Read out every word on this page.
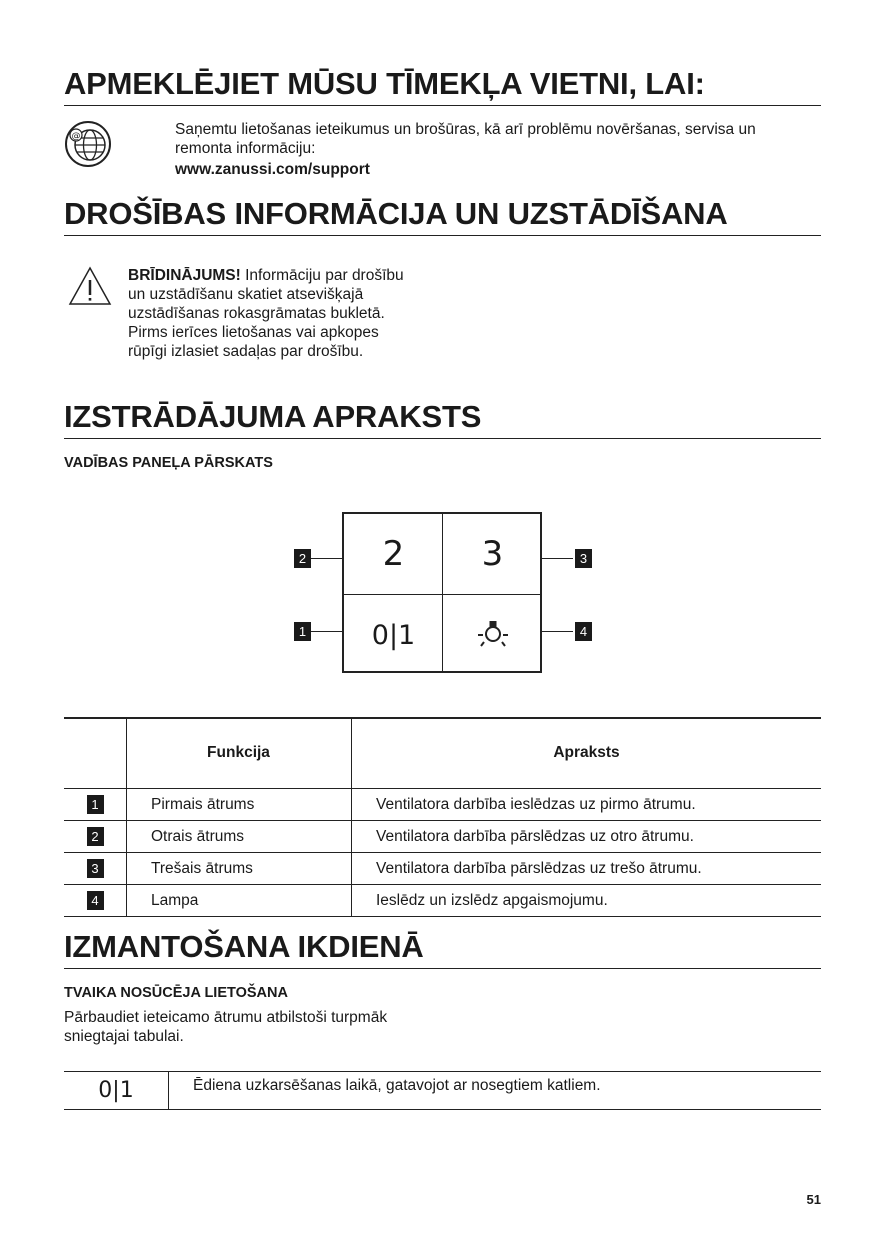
APMEKLĒJIET MŪSU TĪMEKĻA VIETNI, LAI:
@	Saņemtu lietošanas ieteikumus un brošūras, kā arī problēmu novēršanas, servisa un remonta informāciju:
www.zanussi.com/support
DROŠĪBAS INFORMĀCIJA UN UZSTĀDĪŠANA
BRĪDINĀJUMS! Informāciju par drošību un uzstādīšanu skatiet atsevišķajā uzstādīšanas rokasgrāmatas bukletā. Pirms ierīces lietošanas vai apkopes rūpīgi izlasiet sadaļas par drošību.
IZSTRĀDĀJUMA APRAKSTS
VADĪBAS PANEĻA PĀRSKATS
2	3
0|1
2
1
3
4
	Funkcija	Apraksts
1	Pirmais ātrums	Ventilatora darbība ieslēdzas uz pirmo ātrumu.
2	Otrais ātrums	Ventilatora darbība pārslēdzas uz otro ātrumu.
3	Trešais ātrums	Ventilatora darbība pārslēdzas uz trešo ātrumu.
4	Lampa	Ieslēdz un izslēdz apgaismojumu.
IZMANTOŠANA IKDIENĀ
TVAIKA NOSŪCĒJA LIETOŠANA
Pārbaudiet ieteicamo ātrumu atbilstoši turpmāk sniegtajai tabulai.
0|1	Ēdiena uzkarsēšanas laikā, gatavojot ar nosegtiem katliem.
51
